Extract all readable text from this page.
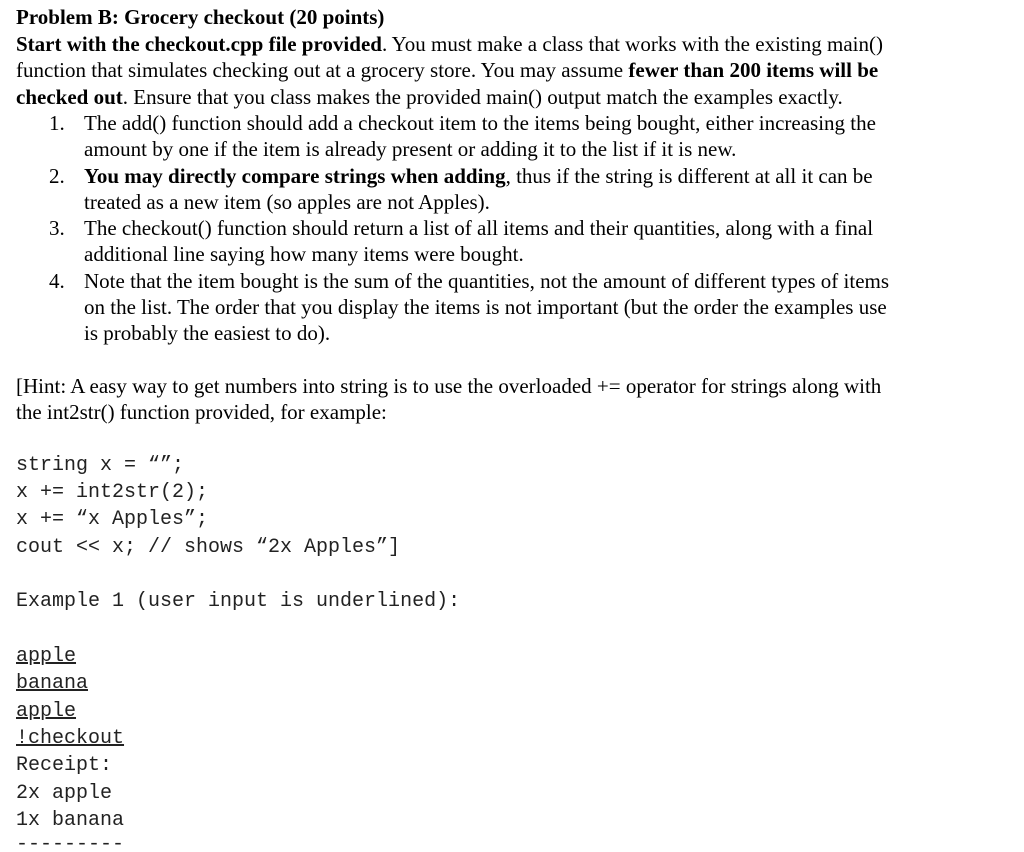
Problem B: Grocery checkout (20 points)

Start with the checkout.cpp file provided. You must make a class that works with the existing main()

function that simulates checking out at a grocery store. You may assume fewer than 200 items will be

checked out. Ensure that you class makes the provided main() output match the examples exactly.

1. The add() function should add a checkout item to the items being bought, either increasing the
amount by one if the item is already present or adding it to the list if it is new.
2. You may directly compare strings when adding, thus if the string is different at all it can be
treated as a new item (so apples are not Apples).
3. The checkout() function should return a list of all items and their quantities, along with a final
additional line saying how many items were bought.
4. Note that the item bought is the sum of the quantities, not the amount of different types of items
on the list. The order that you display the items is not important (but the order the examples use
is probably the easiest to do).

[Hint: A easy way to get numbers into string is to use the overloaded += operator for strings along with

the int2str() function provided, for example:

string x = “”;

x += int2str(2);

x += “x Apples”;

cout << x; // shows “2x Apples”]

Example 1 (user input is underlined):

apple

banana

apple

!checkout

Receipt:

2x apple

1x banana

---------
